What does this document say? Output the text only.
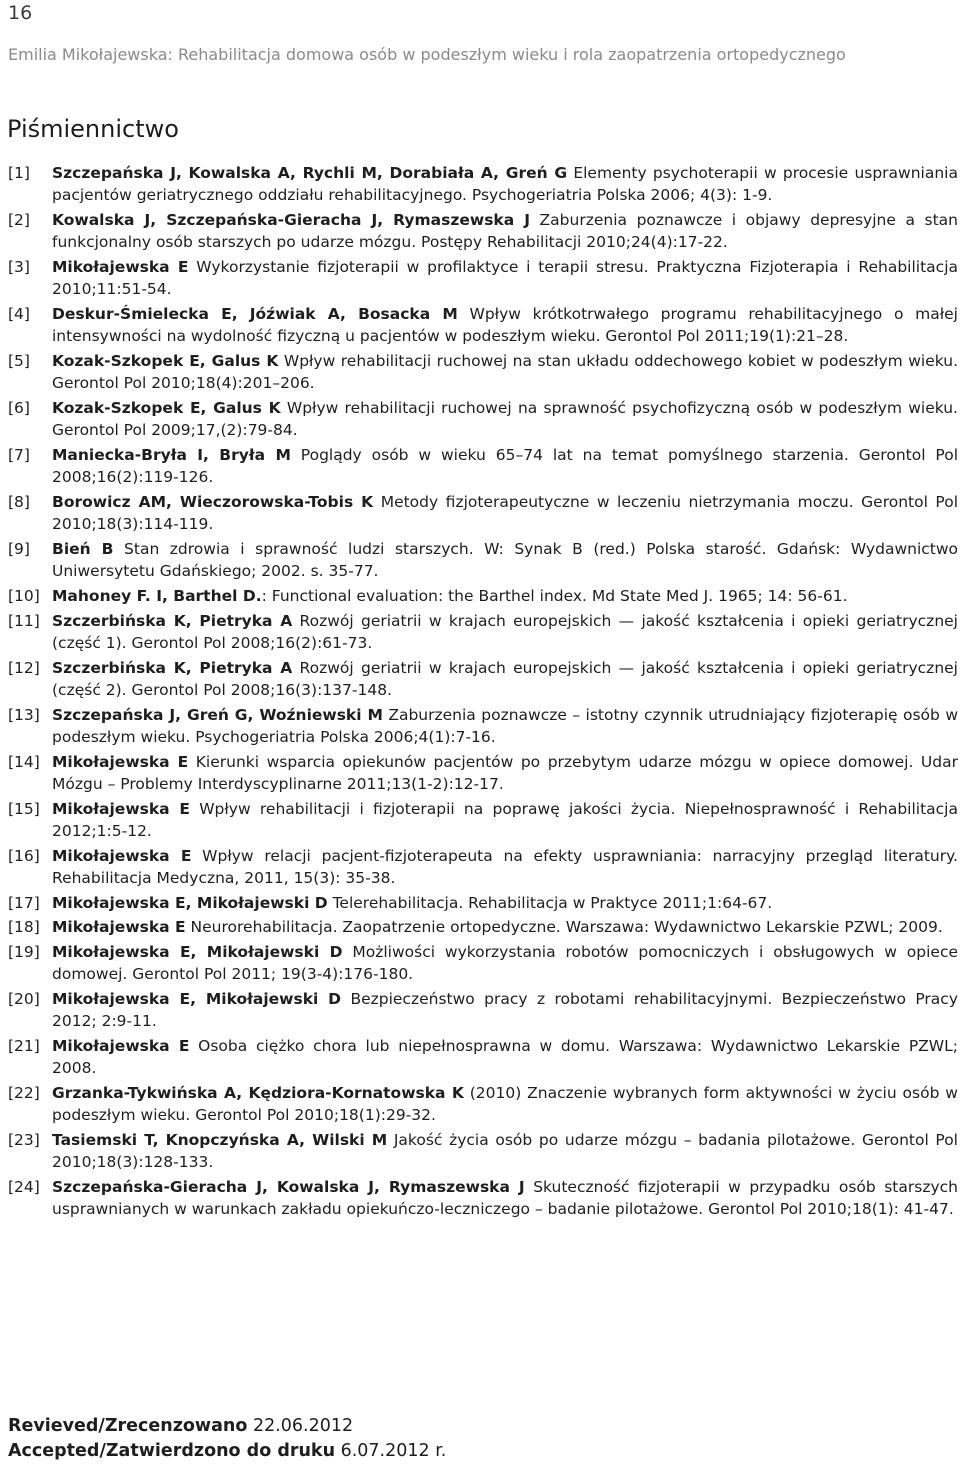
16
Emilia Mikołajewska: Rehabilitacja domowa osób w podeszłym wieku i rola zaopatrzenia ortopedycznego
Piśmiennictwo
[1] Szczepańska J, Kowalska A, Rychli M, Dorabiała A, Greń G Elementy psychoterapii w procesie usprawniania pacjentów geriatrycznego oddziału rehabilitacyjnego. Psychogeriatria Polska 2006; 4(3): 1-9.
[2] Kowalska J, Szczepańska-Gieracha J, Rymaszewska J Zaburzenia poznawcze i objawy depresyjne a stan funkcjonalny osób starszych po udarze mózgu. Postępy Rehabilitacji 2010;24(4):17-22.
[3] Mikołajewska E Wykorzystanie fizjoterapii w profilaktyce i terapii stresu. Praktyczna Fizjoterapia i Rehabilitacja 2010;11:51-54.
[4] Deskur-Śmielecka E, Jóźwiak A, Bosacka M Wpływ krótkotrwałego programu rehabilitacyjnego o małej intensywności na wydolność fizyczną u pacjentów w podeszłym wieku. Gerontol Pol 2011;19(1):21–28.
[5] Kozak-Szkopek E, Galus K Wpływ rehabilitacji ruchowej na stan układu oddechowego kobiet w podeszłym wieku. Gerontol Pol 2010;18(4):201–206.
[6] Kozak-Szkopek E, Galus K Wpływ rehabilitacji ruchowej na sprawność psychofizyczną osób w podeszłym wieku. Gerontol Pol 2009;17,(2):79-84.
[7] Maniecka-Bryła I, Bryła M Poglądy osób w wieku 65–74 lat na temat pomyślnego starzenia. Gerontol Pol 2008;16(2):119-126.
[8] Borowicz AM, Wieczorowska-Tobis K Metody fizjoterapeutyczne w leczeniu nietrzymania moczu. Gerontol Pol 2010;18(3):114-119.
[9] Bień B Stan zdrowia i sprawność ludzi starszych. W: Synak B (red.) Polska starość. Gdańsk: Wydawnictwo Uniwersytetu Gdańskiego; 2002. s. 35-77.
[10] Mahoney F. I, Barthel D.: Functional evaluation: the Barthel index. Md State Med J. 1965; 14: 56-61.
[11] Szczerbińska K, Pietryka A Rozwój geriatrii w krajach europejskich — jakość kształcenia i opieki geriatrycznej (część 1). Gerontol Pol 2008;16(2):61-73.
[12] Szczerbińska K, Pietryka A Rozwój geriatrii w krajach europejskich — jakość kształcenia i opieki geriatrycznej (część 2). Gerontol Pol 2008;16(3):137-148.
[13] Szczepańska J, Greń G, Woźniewski M Zaburzenia poznawcze – istotny czynnik utrudniający fizjoterapię osób w podeszłym wieku. Psychogeriatria Polska 2006;4(1):7-16.
[14] Mikołajewska E Kierunki wsparcia opiekunów pacjentów po przebytym udarze mózgu w opiece domowej. Udar Mózgu – Problemy Interdyscyplinarne 2011;13(1-2):12-17.
[15] Mikołajewska E Wpływ rehabilitacji i fizjoterapii na poprawę jakości życia. Niepełnosprawność i Rehabilitacja 2012;1:5-12.
[16] Mikołajewska E Wpływ relacji pacjent-fizjoterapeuta na efekty usprawniania: narracyjny przegląd literatury. Rehabilitacja Medyczna, 2011, 15(3): 35-38.
[17] Mikołajewska E, Mikołajewski D Telerehabilitacja. Rehabilitacja w Praktyce 2011;1:64-67.
[18] Mikołajewska E Neurorehabilitacja. Zaopatrzenie ortopedyczne. Warszawa: Wydawnictwo Lekarskie PZWL; 2009.
[19] Mikołajewska E, Mikołajewski D Możliwości wykorzystania robotów pomocniczych i obsługowych w opiece domowej. Gerontol Pol 2011; 19(3-4):176-180.
[20] Mikołajewska E, Mikołajewski D Bezpieczeństwo pracy z robotami rehabilitacyjnymi. Bezpieczeństwo Pracy 2012; 2:9-11.
[21] Mikołajewska E Osoba ciężko chora lub niepełnosprawna w domu. Warszawa: Wydawnictwo Lekarskie PZWL; 2008.
[22] Grzanka-Tykwińska A, Kędziora-Kornatowska K (2010) Znaczenie wybranych form aktywności w życiu osób w podeszłym wieku. Gerontol Pol 2010;18(1):29-32.
[23] Tasiemski T, Knopczyńska A, Wilski M Jakość życia osób po udarze mózgu – badania pilotażowe. Gerontol Pol 2010;18(3):128-133.
[24] Szczepańska-Gieracha J, Kowalska J, Rymaszewska J Skuteczność fizjoterapii w przypadku osób starszych usprawnianych w warunkach zakładu opiekuńczo-leczniczego – badanie pilotażowe. Gerontol Pol 2010;18(1): 41-47.
Revieved/Zrecenzowano 22.06.2012
Accepted/Zatwierdzono do druku 6.07.2012 r.
